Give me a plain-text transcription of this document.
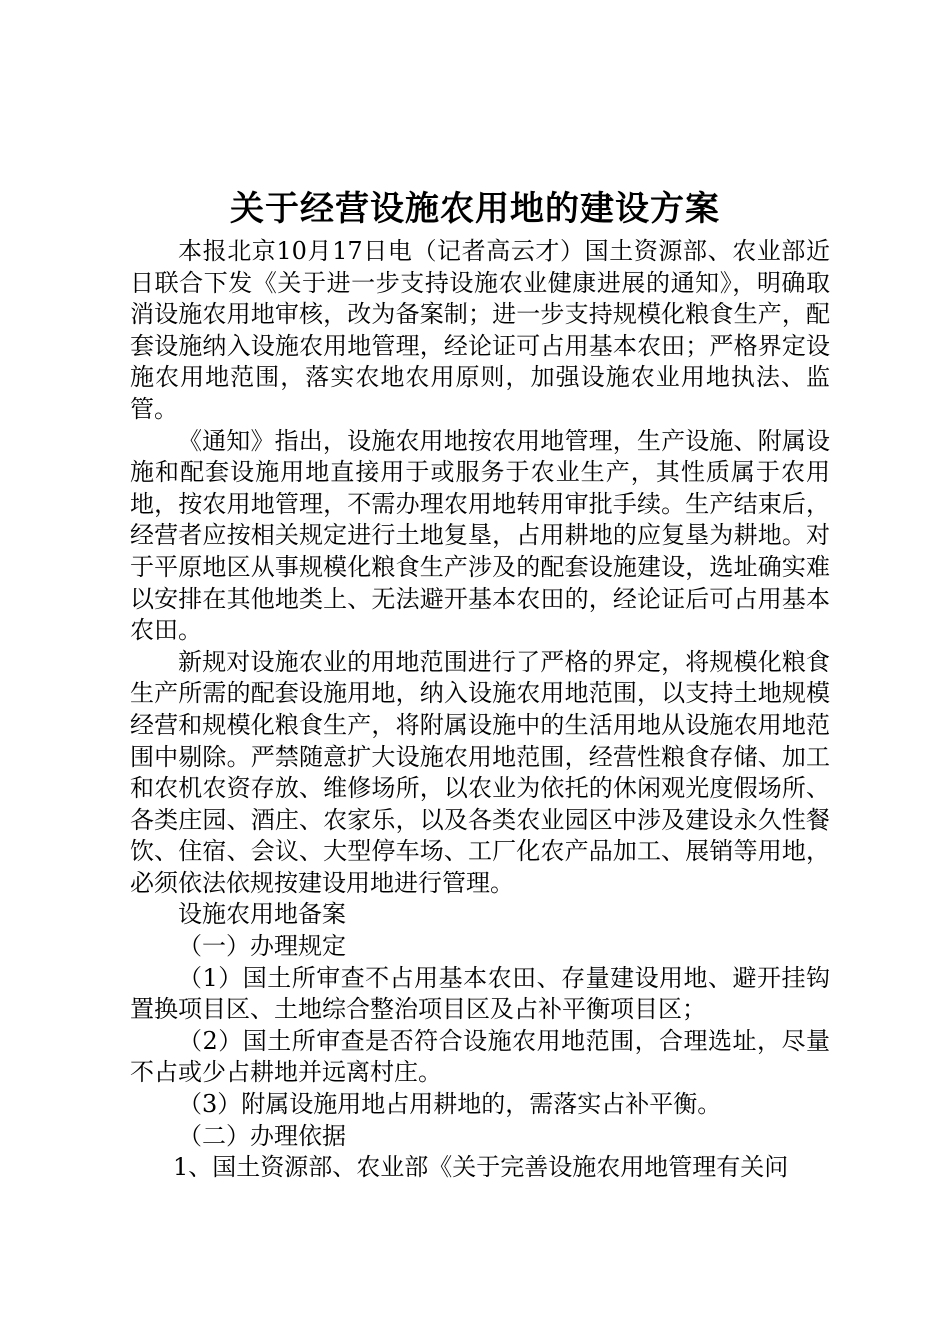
关于经营设施农用地的建设方案

本报北京10月17日电（记者高云才）国土资源部、农业部近日联合下发《关于进一步支持设施农业健康进展的通知》，明确取消设施农用地审核，改为备案制；进一步支持规模化粮食生产，配套设施纳入设施农用地管理，经论证可占用基本农田；严格界定设施农用地范围，落实农地农用原则，加强设施农业用地执法、监管。

《通知》指出，设施农用地按农用地管理，生产设施、附属设施和配套设施用地直接用于或服务于农业生产，其性质属于农用地，按农用地管理，不需办理农用地转用审批手续。生产结束后，经营者应按相关规定进行土地复垦，占用耕地的应复垦为耕地。对于平原地区从事规模化粮食生产涉及的配套设施建设，选址确实难以安排在其他地类上、无法避开基本农田的，经论证后可占用基本农田。

新规对设施农业的用地范围进行了严格的界定，将规模化粮食生产所需的配套设施用地，纳入设施农用地范围，以支持土地规模经营和规模化粮食生产，将附属设施中的生活用地从设施农用地范围中剔除。严禁随意扩大设施农用地范围，经营性粮食存储、加工和农机农资存放、维修场所，以农业为依托的休闲观光度假场所、各类庄园、酒庄、农家乐，以及各类农业园区中涉及建设永久性餐饮、住宿、会议、大型停车场、工厂化农产品加工、展销等用地，必须依法依规按建设用地进行管理。

设施农用地备案

（一）办理规定

（1）国土所审查不占用基本农田、存量建设用地、避开挂钩置换项目区、土地综合整治项目区及占补平衡项目区；

（2）国土所审查是否符合设施农用地范围，合理选址，尽量不占或少占耕地并远离村庄。

（3）附属设施用地占用耕地的，需落实占补平衡。

（二）办理依据

1、国土资源部、农业部《关于完善设施农用地管理有关问
